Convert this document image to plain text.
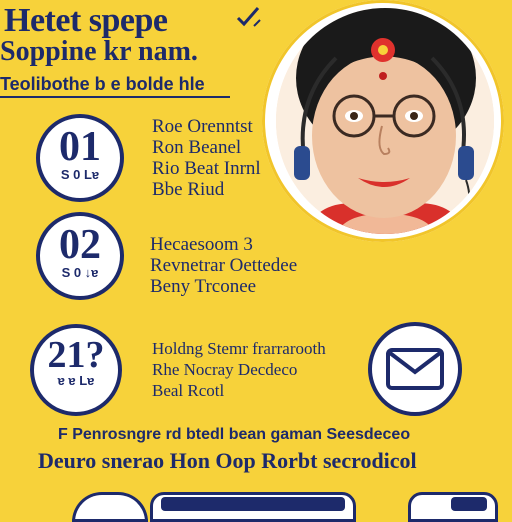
Hetet spepe
Soppine kr nam.
Teolibothe b e bolde hle
01
Ѕ 0 Lɐ
Roe Orenntst
Ron Beanel
Rio Beat Inrnl
Bbe Riud
02
Ѕ 0 ↓ɐ
Hecaesoom 3
Revnetrar Oettedee
Beny Trconee
21?
ɐ ɐ Lɐ
Holdng Stemr frarrarooth
Rhe Nocray Decdeco
Beal Rcotl
F Penrosngre rd btedl bean gaman Seesdeceo
Deuro snerao Hon Oop Rorbt secrodicol
